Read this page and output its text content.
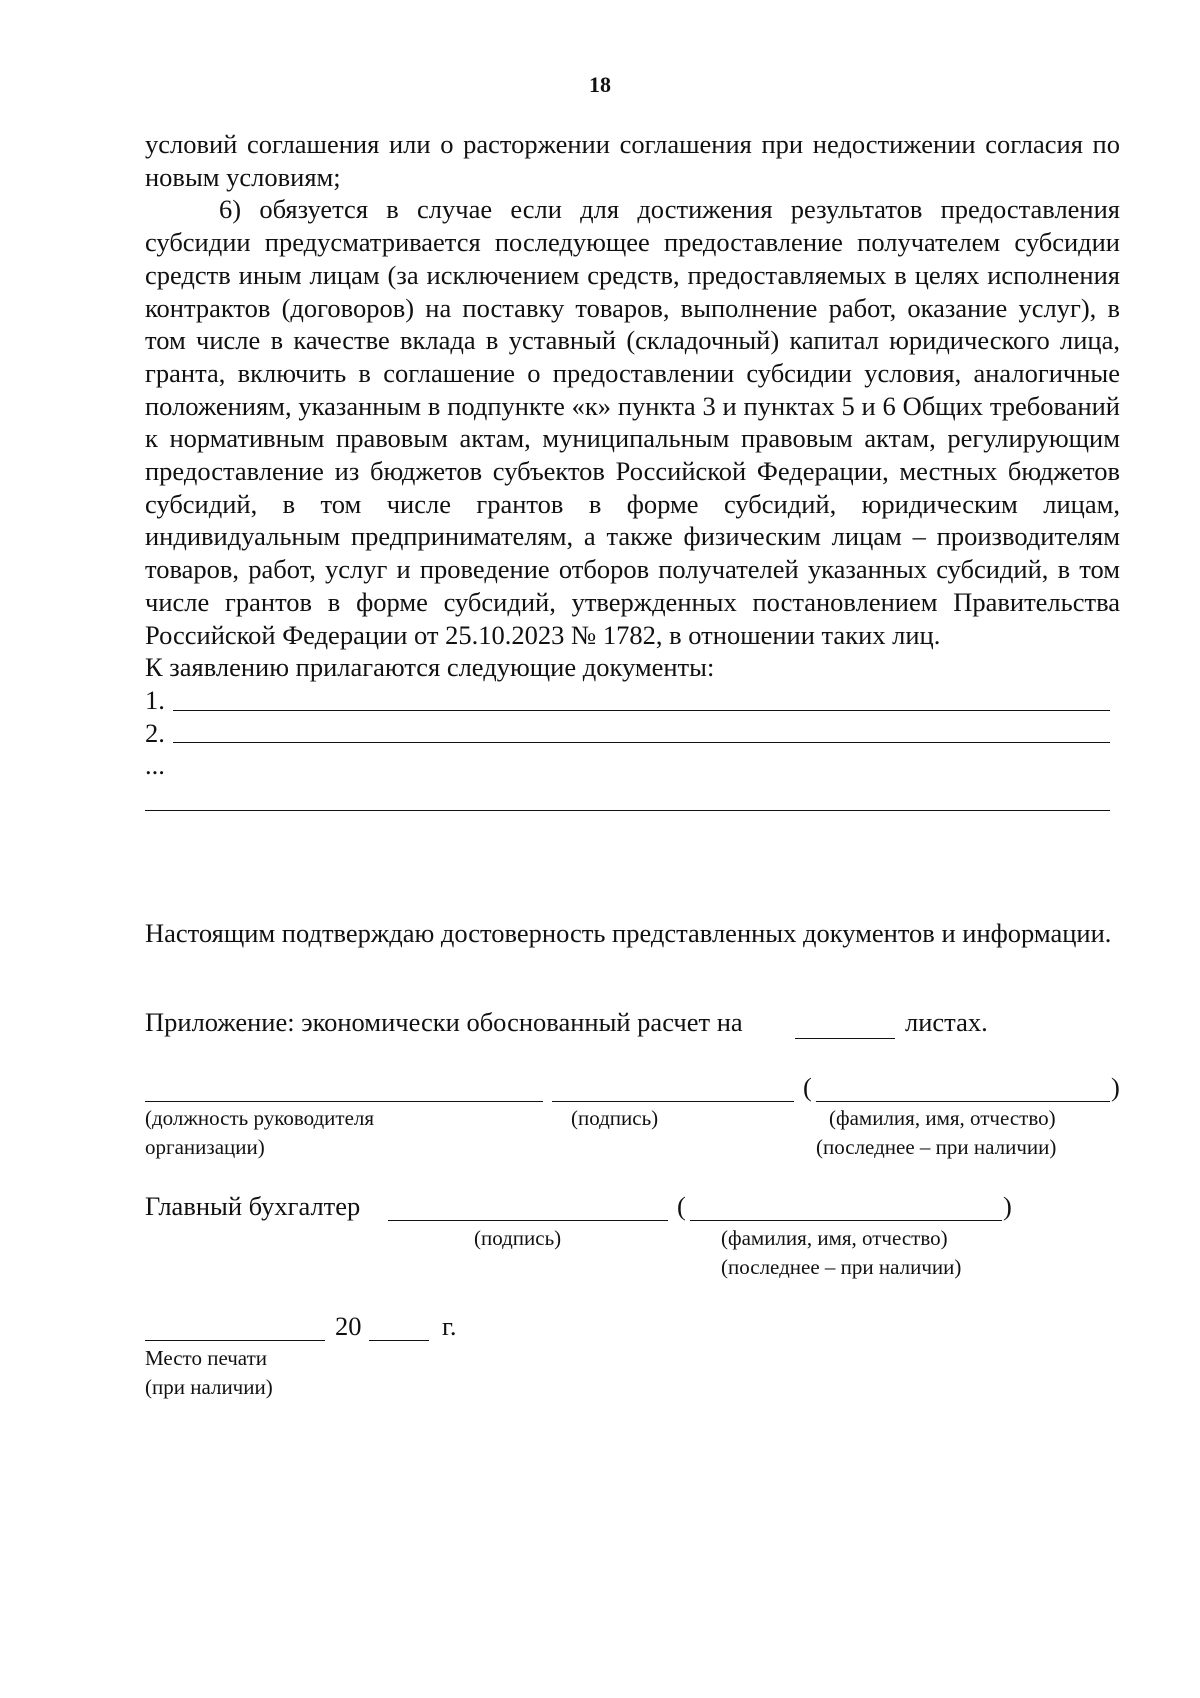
18

условий соглашения или о расторжении соглашения при недостижении согласия по новым условиям;

6) обязуется в случае если для достижения результатов предоставления субсидии предусматривается последующее предоставление получателем субсидии средств иным лицам (за исключением средств, предоставляемых в целях исполнения контрактов (договоров) на поставку товаров, выполнение работ, оказание услуг), в том числе в качестве вклада в уставный (складочный) капитал юридического лица, гранта, включить в соглашение о предоставлении субсидии условия, аналогичные положениям, указанным в подпункте «к» пункта 3 и пунктах 5 и 6 Общих требований к нормативным правовым актам, муниципальным правовым актам, регулирующим предоставление из бюджетов субъектов Российской Федерации, местных бюджетов субсидий, в том числе грантов в форме субсидий, юридическим лицам, индивидуальным предпринимателям, а также физическим лицам – производителям товаров, работ, услуг и проведение отборов получателей указанных субсидий, в том числе грантов в форме субсидий, утвержденных постановлением Правительства Российской Федерации от 25.10.2023 № 1782, в отношении таких лиц.

К заявлению прилагаются следующие документы:

1.
2.
...

Настоящим подтверждаю достоверность представленных документов и информации.

Приложение: экономически обоснованный расчет на	листах.
(	)
(должность руководителя
организации)
(подпись)	(фамилия, имя, отчество)
(последнее – при наличии)
Главный бухгалтер	(	)
(подпись)	(фамилия, имя, отчество)
(последнее – при наличии)
20	г.
Место печати
(при наличии)
